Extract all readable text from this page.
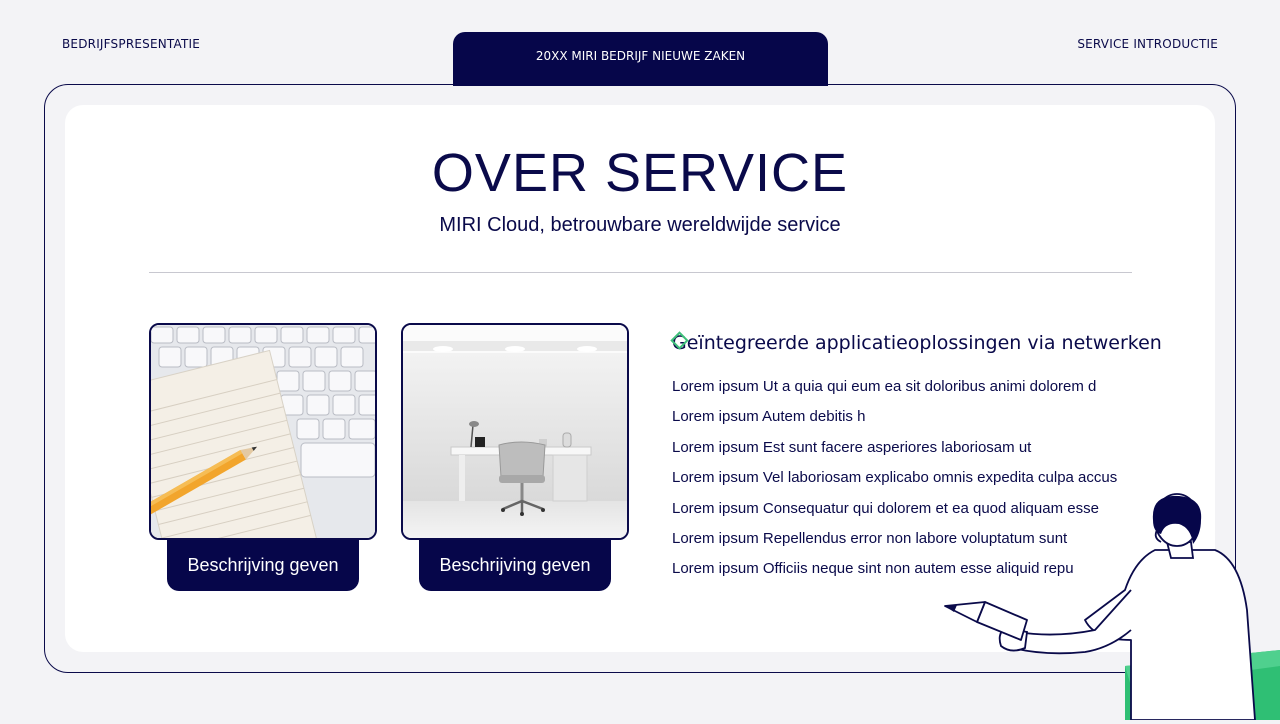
BEDRIJFSPRESENTATIE
20XX MIRI BEDRIJF NIEUWE ZAKEN
SERVICE INTRODUCTIE
OVER SERVICE
MIRI Cloud, betrouwbare wereldwijde service
Beschrijving geven	Beschrijving geven
Geïntegreerde applicatieoplossingen via netwerken
Lorem ipsum Ut a quia qui eum ea sit doloribus animi dolorem d
Lorem ipsum Autem debitis h
Lorem ipsum Est sunt facere asperiores laboriosam ut
Lorem ipsum Vel laboriosam explicabo omnis expedita culpa accus
Lorem ipsum Consequatur qui dolorem et ea quod aliquam esse
Lorem ipsum Repellendus error non labore voluptatum sunt
Lorem ipsum Officiis neque sint non autem esse aliquid repu
